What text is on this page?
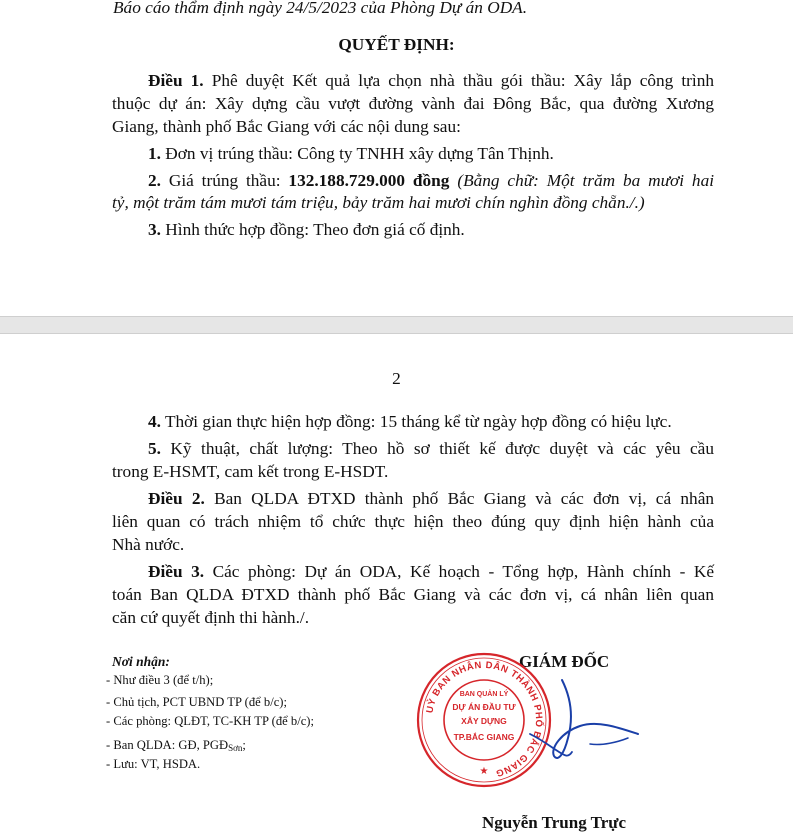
Báo cáo thẩm định ngày 24/5/2023 của Phòng Dự án ODA.
QUYẾT ĐỊNH:
Điều 1. Phê duyệt Kết quả lựa chọn nhà thầu gói thầu: Xây lắp công trình
thuộc dự án: Xây dựng cầu vượt đường vành đai Đông Bắc, qua đường Xương
Giang, thành phố Bắc Giang với các nội dung sau:
1. Đơn vị trúng thầu: Công ty TNHH xây dựng Tân Thịnh.
2. Giá trúng thầu: 132.188.729.000 đồng (Bằng chữ: Một trăm ba mươi hai
tỷ, một trăm tám mươi tám triệu, bảy trăm hai mươi chín nghìn đồng chẵn./.)
3. Hình thức hợp đồng: Theo đơn giá cố định.
2
4. Thời gian thực hiện hợp đồng: 15 tháng kể từ ngày hợp đồng có hiệu lực.
5. Kỹ thuật, chất lượng: Theo hồ sơ thiết kế được duyệt và các yêu cầu
trong E-HSMT, cam kết trong E-HSDT.
Điều 2. Ban QLDA ĐTXD thành phố Bắc Giang và các đơn vị, cá nhân
liên quan có trách nhiệm tổ chức thực hiện theo đúng quy định hiện hành của
Nhà nước.
Điều 3. Các phòng: Dự án ODA, Kế hoạch - Tổng hợp, Hành chính - Kế
toán Ban QLDA ĐTXD thành phố Bắc Giang và các đơn vị, cá nhân liên quan
căn cứ quyết định thi hành./.
Nơi nhận:
- Như điều 3 (để t/h);
- Chủ tịch, PCT UBND TP (để b/c);
- Các phòng: QLĐT, TC-KH TP (để b/c);
- Ban QLDA: GĐ, $PGĐ_{Sơn}$;
- Lưu: VT, HSDA.
GIÁM ĐỐC
UỶ BAN NHÂN DÂN THÀNH PHỐ BẮC GIANG
BAN QUẢN LÝ
DỰ ÁN ĐẦU TƯ
XÂY DỰNG
TP.BẮC GIANG
★
Nguyễn Trung Trực
